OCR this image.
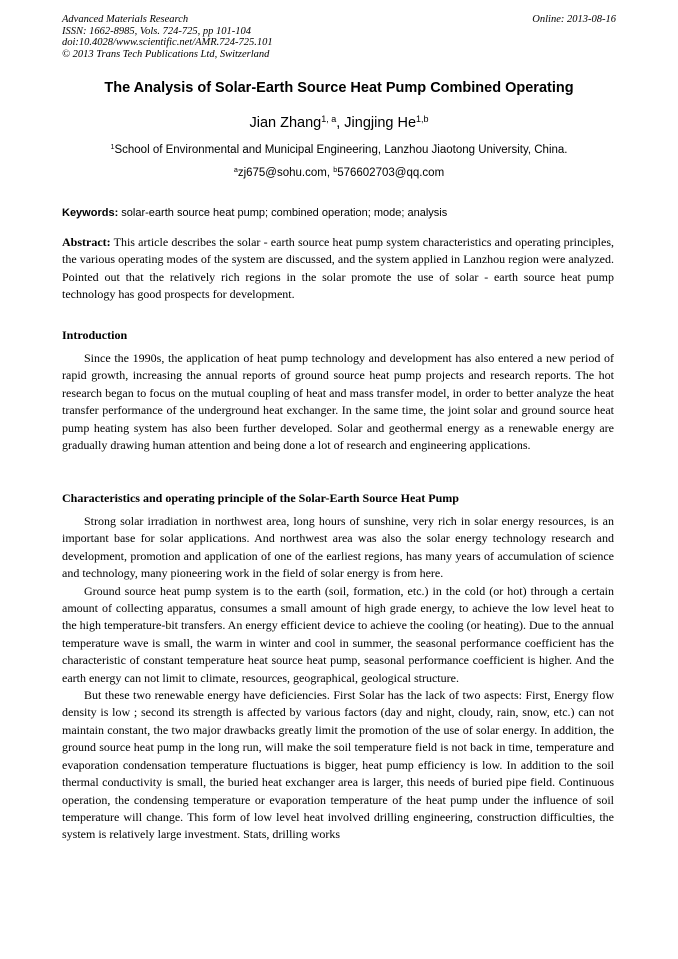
Advanced Materials Research	Online: 2013-08-16
ISSN: 1662-8985, Vols. 724-725, pp 101-104
doi:10.4028/www.scientific.net/AMR.724-725.101
© 2013 Trans Tech Publications Ltd, Switzerland
The Analysis of Solar-Earth Source Heat Pump Combined Operating
Jian Zhang$^{1, a}$, Jingjing He$^{1,b}$
$^1$School of Environmental and Municipal Engineering, Lanzhou Jiaotong University, China.
$^a$zj675@sohu.com, $^b$576602703@qq.com
Keywords: solar-earth source heat pump; combined operation; mode; analysis

Abstract: This article describes the solar - earth source heat pump system characteristics and operating principles, the various operating modes of the system are discussed, and the system applied in Lanzhou region were analyzed. Pointed out that the relatively rich regions in the solar promote the use of solar - earth source heat pump technology has good prospects for development.

Introduction

Since the 1990s, the application of heat pump technology and development has also entered a new period of rapid growth, increasing the annual reports of ground source heat pump projects and research reports. The hot research began to focus on the mutual coupling of heat and mass transfer model, in order to better analyze the heat transfer performance of the underground heat exchanger. In the same time, the joint solar and ground source heat pump heating system has also been further developed. Solar and geothermal energy as a renewable energy are gradually drawing human attention and being done a lot of research and engineering applications.

Characteristics and operating principle of the Solar-Earth Source Heat Pump

Strong solar irradiation in northwest area, long hours of sunshine, very rich in solar energy resources, is an important base for solar applications. And northwest area was also the solar energy technology research and development, promotion and application of one of the earliest regions, has many years of accumulation of science and technology, many pioneering work in the field of solar energy is from here.

Ground source heat pump system is to the earth (soil, formation, etc.) in the cold (or hot) through a certain amount of collecting apparatus, consumes a small amount of high grade energy, to achieve the low level heat to the high temperature-bit transfers. An energy efficient device to achieve the cooling (or heating). Due to the annual temperature wave is small, the warm in winter and cool in summer, the seasonal performance coefficient has the characteristic of constant temperature heat source heat pump, seasonal performance coefficient is higher. And the earth energy can not limit to climate, resources, geographical, geological structure.

But these two renewable energy have deficiencies. First Solar has the lack of two aspects: First, Energy flow density is low ; second its strength is affected by various factors (day and night, cloudy, rain, snow, etc.) can not maintain constant, the two major drawbacks greatly limit the promotion of the use of solar energy. In addition, the ground source heat pump in the long run, will make the soil temperature field is not back in time, temperature and evaporation condensation temperature fluctuations is bigger, heat pump efficiency is low. In addition to the soil thermal conductivity is small, the buried heat exchanger area is larger, this needs of buried pipe field. Continuous operation, the condensing temperature or evaporation temperature of the heat pump under the influence of soil temperature will change. This form of low level heat involved drilling engineering, construction difficulties, the system is relatively large investment. Stats, drilling works
